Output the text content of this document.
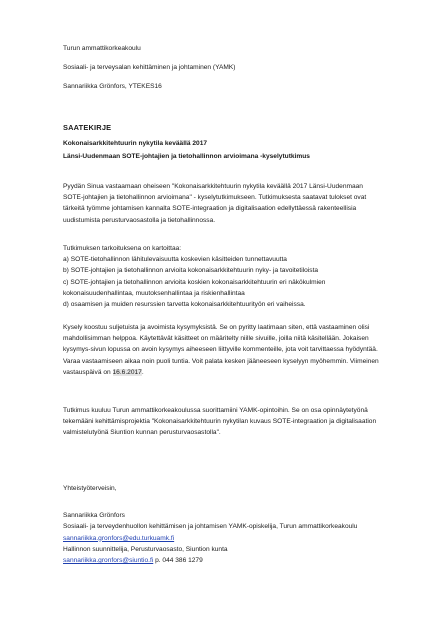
Turun ammattikorkeakoulu
Sosiaali- ja terveysalan kehittäminen ja johtaminen (YAMK)
Sannariikka Grönfors, YTEKES16
SAATEKIRJE
Kokonaisarkkitehtuurin nykytila keväällä 2017
Länsi-Uudenmaan SOTE-johtajien ja tietohallinnon arvioimana -kyselytutkimus
Pyydän Sinua vastaamaan oheiseen "Kokonaisarkkitehtuurin nykytila keväällä 2017 Länsi-Uudenmaan
SOTE-johtajien ja tietohallinnon arvioimana" - kyselytutkimukseen. Tutkimuksesta saatavat tulokset ovat
tärkeitä työmme johtamisen kannalta SOTE-integraation ja digitalisaation edellyttäessä rakenteellisia
uudistumista perusturvaosastolla ja tietohallinnossa.
Tutkimuksen tarkoituksena on kartoittaa:
a) SOTE-tietohallinnon lähitulevaisuutta koskevien käsitteiden tunnettavuutta
b) SOTE-johtajien ja tietohallinnon arvioita kokonaisarkkitehtuurin nyky- ja tavoitetiloista
c) SOTE-johtajien ja tietohallinnon arvioita koskien kokonaisarkkitehtuurin eri näkökulmien
kokonaisuudenhallintaa, muutoksenhallintaa ja riskienhallintaa
d) osaamisen ja muiden resurssien tarvetta kokonaisarkkitehtuurityön eri vaiheissa.
Kysely koostuu suljetuista ja avoimista kysymyksistä. Se on pyritty laatimaan siten, että vastaaminen olisi
mahdollisimman helppoa. Käytettävät käsitteet on määritelty niille sivuille, joilla niitä käsitellään. Jokaisen
kysymys-sivun lopussa on avoin kysymys aiheeseen liittyville kommenteille, jota voit tarvittaessa hyödyntää.
Varaa vastaamiseen aikaa noin puoli tuntia. Voit palata kesken jääneeseen kyselyyn myöhemmin. Viimeinen
vastauspäivä on 16.6.2017.
Tutkimus kuuluu Turun ammattikorkeakoulussa suorittamiini YAMK-opintoihin. Se on osa opinnäytetyönä
tekemääni kehittämisprojektia "Kokonaisarkkitehtuurin nykytilan kuvaus SOTE-integraation ja digitalisaation
valmistelutyönä Siuntion kunnan perusturvaosastolla".
Yhteistyöterveisin,
Sannariikka Grönfors
Sosiaali- ja terveydenhuollon kehittämisen ja johtamisen YAMK-opiskelija, Turun ammattikorkeakoulu
sannariikka.gronfors@edu.turkuamk.fi
Hallinnon suunnittelija, Perusturvaosasto, Siuntion kunta
sannariikka.gronfors@siuntio.fi p. 044 386 1279
